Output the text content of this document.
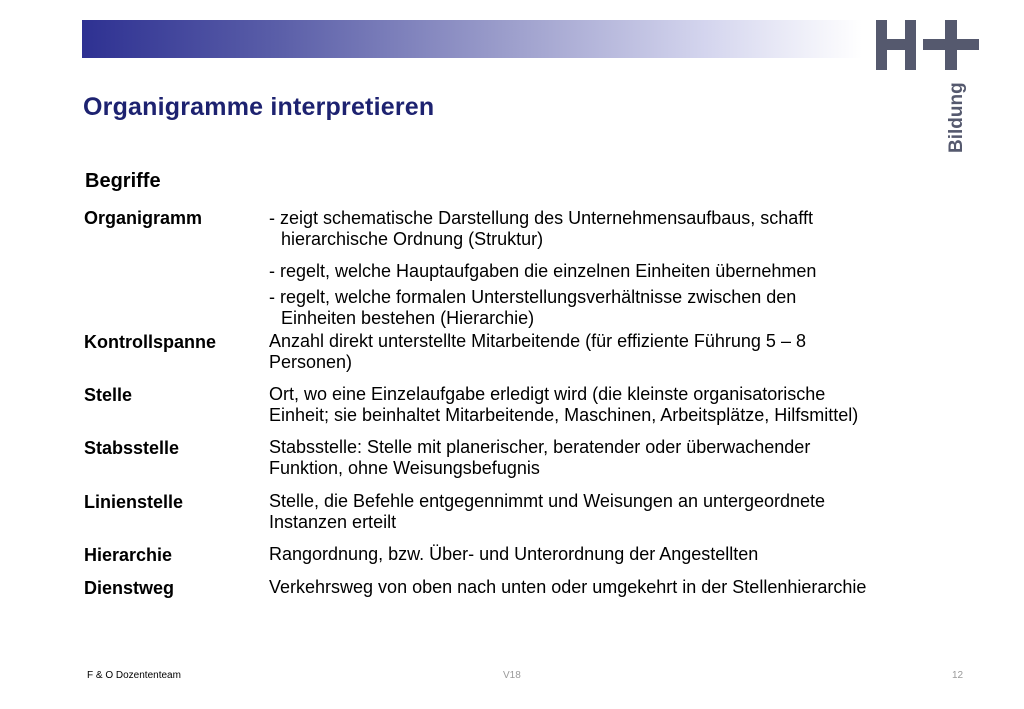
Bildung
Organigramme interpretieren
Begriffe
Organigramm	- zeigt schematische Darstellung des Unternehmensaufbaus, schafft
hierarchische Ordnung (Struktur)
- regelt, welche Hauptaufgaben die einzelnen Einheiten übernehmen
- regelt, welche formalen Unterstellungsverhältnisse zwischen den
Einheiten bestehen (Hierarchie)
Kontrollspanne	Anzahl direkt unterstellte Mitarbeitende (für effiziente Führung 5 – 8
Personen)
Stelle	Ort, wo eine Einzelaufgabe erledigt wird (die kleinste organisatorische
Einheit; sie beinhaltet Mitarbeitende, Maschinen, Arbeitsplätze, Hilfsmittel)
Stabsstelle	Stabsstelle: Stelle mit planerischer, beratender oder überwachender
Funktion, ohne Weisungsbefugnis
Linienstelle	Stelle, die Befehle entgegennimmt und Weisungen an untergeordnete
Instanzen erteilt
Hierarchie	Rangordnung, bzw. Über- und Unterordnung der Angestellten
Dienstweg	Verkehrsweg von oben nach unten oder umgekehrt in der Stellenhierarchie
F & O Dozententeam	V18	12
